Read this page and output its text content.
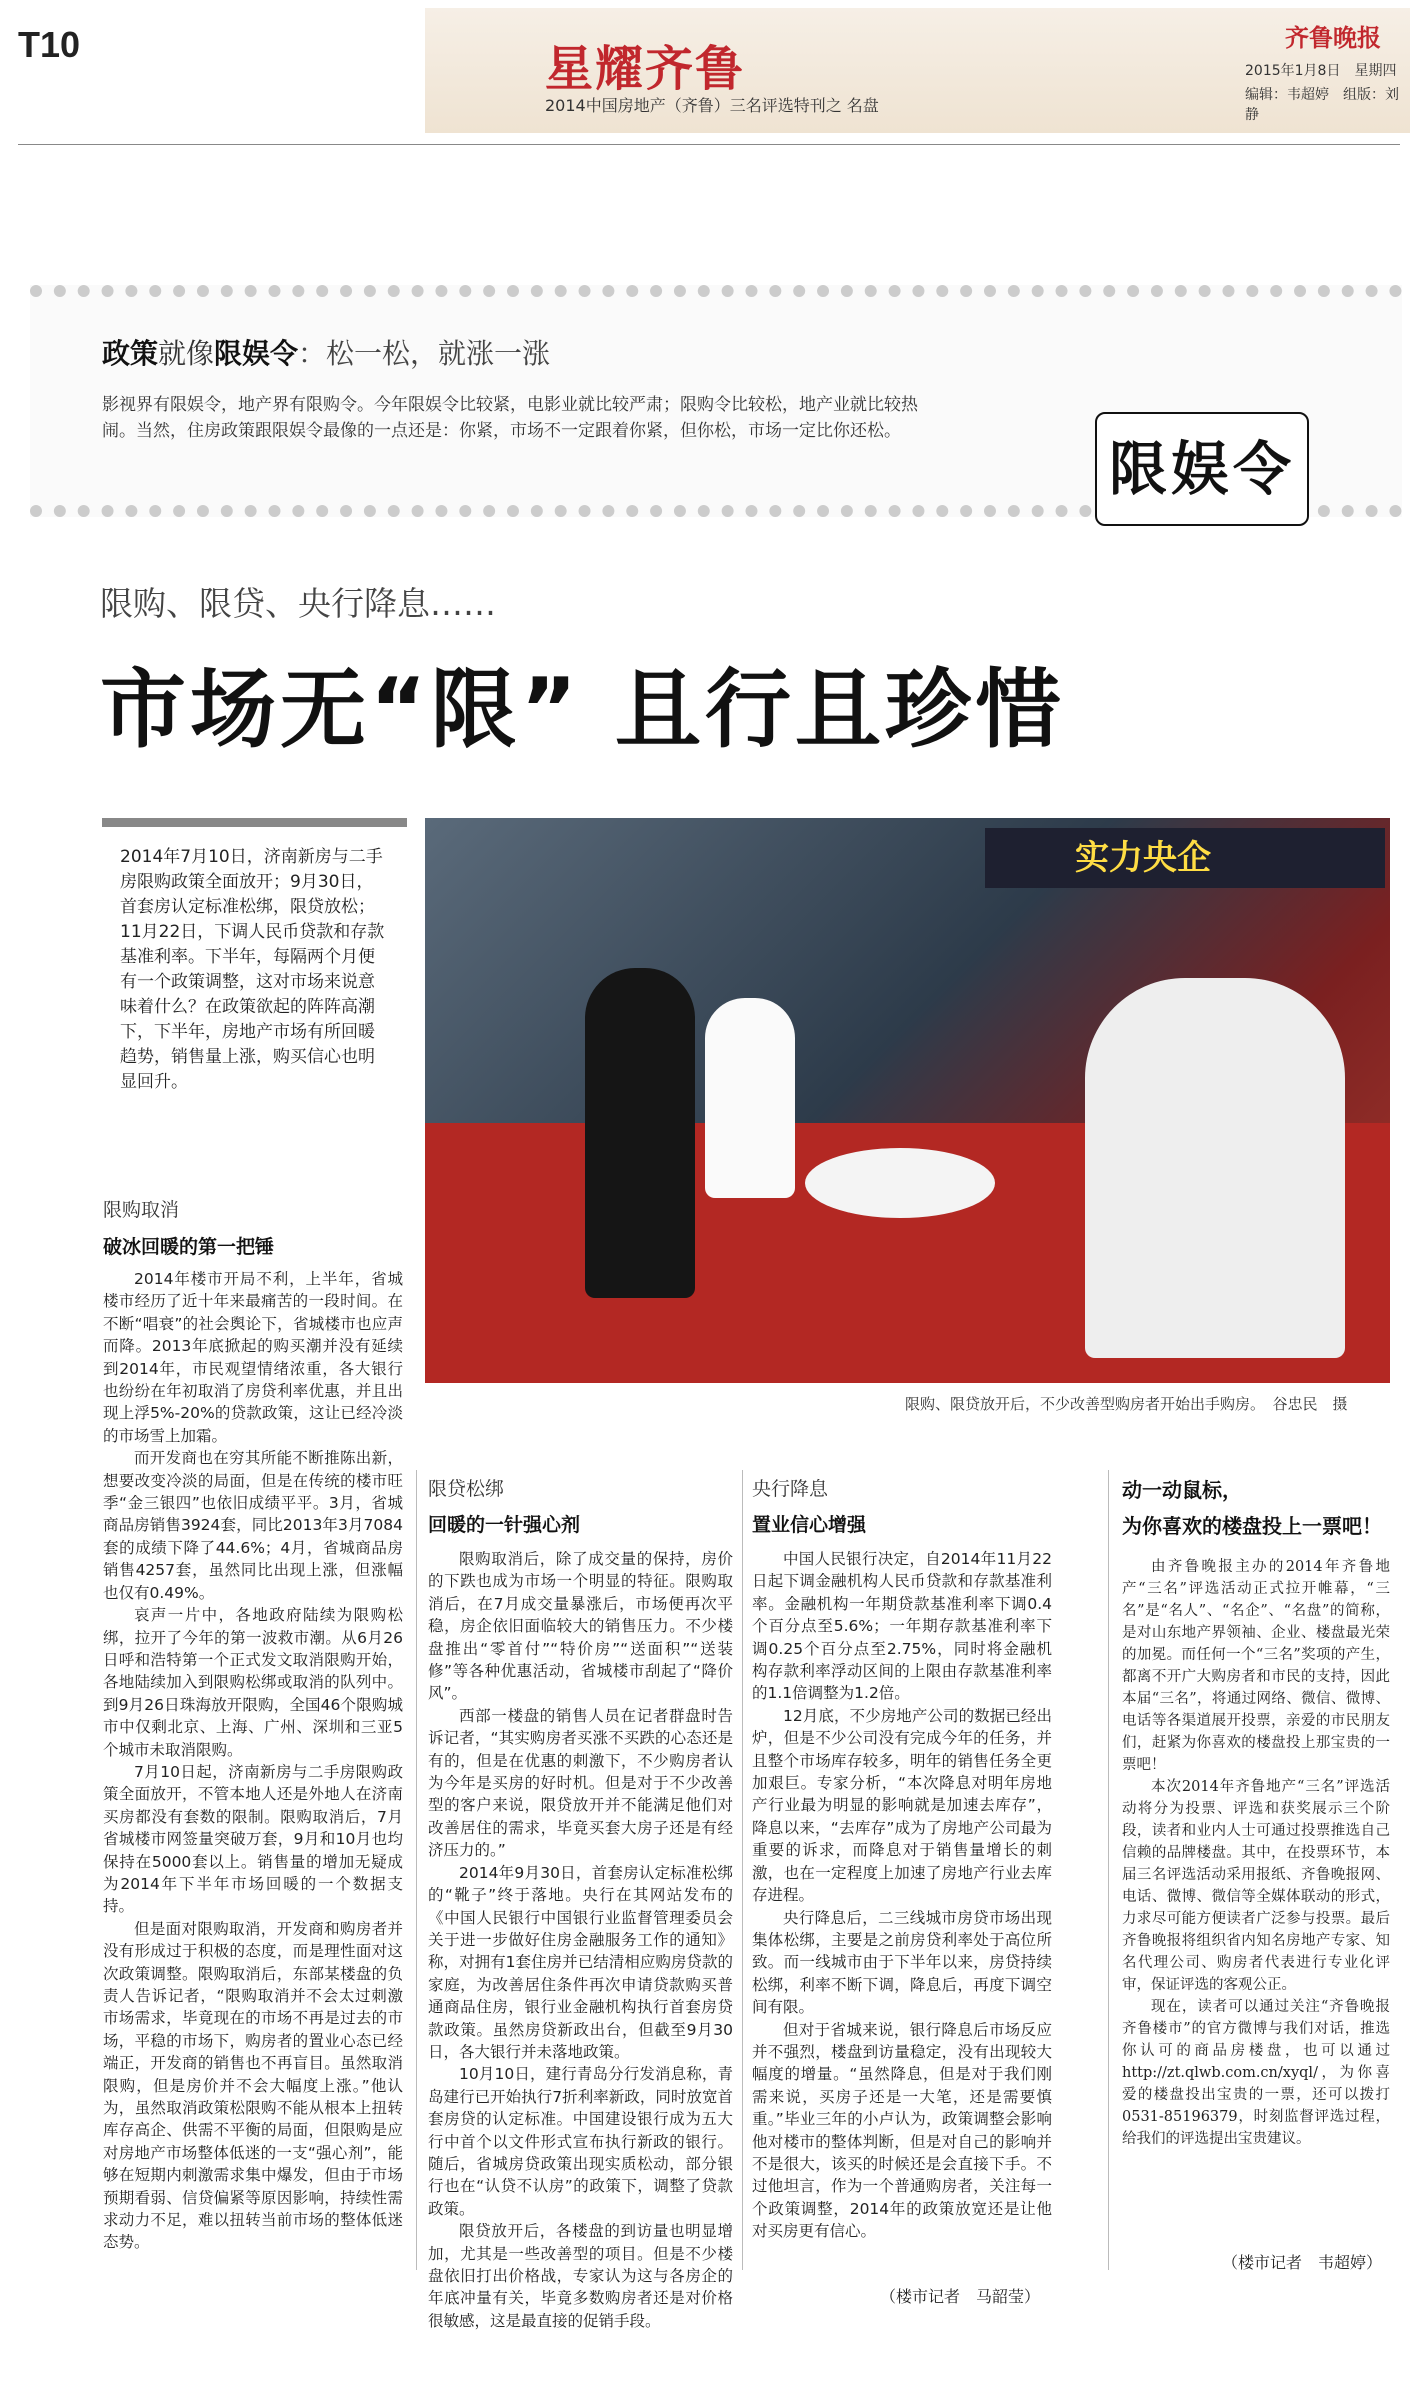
T10	星耀齐鲁
2014中国房地产（齐鲁）三名评选特刊之 名盘
齐鲁晚报
2015年1月8日　星期四
编辑：韦超婷　组版：刘静
政策就像限娱令：松一松，就涨一涨
影视界有限娱令，地产界有限购令。今年限娱令比较紧，电影业就比较严肃；限购令比较松，地产业就比较热闹。当然，住房政策跟限娱令最像的一点还是：你紧，市场不一定跟着你紧，但你松，市场一定比你还松。
限娱令
限购、限贷、央行降息……
市场无“限” 且行且珍惜
2014年7月10日，济南新房与二手房限购政策全面放开；9月30日，首套房认定标准松绑，限贷放松；11月22日，下调人民币贷款和存款基准利率。下半年，每隔两个月便有一个政策调整，这对市场来说意味着什么？在政策欲起的阵阵高潮下，下半年，房地产市场有所回暖趋势，销售量上涨，购买信心也明显回升。
实力央企
限购、限贷放开后，不少改善型购房者开始出手购房。　谷忠民　摄
限购取消
破冰回暖的第一把锤

2014年楼市开局不利，上半年，省城楼市经历了近十年来最痛苦的一段时间。在不断“唱衰”的社会舆论下，省城楼市也应声而降。2013年底掀起的购买潮并没有延续到2014年，市民观望情绪浓重，各大银行也纷纷在年初取消了房贷利率优惠，并且出现上浮5%-20%的贷款政策，这让已经冷淡的市场雪上加霜。

而开发商也在穷其所能不断推陈出新，想要改变冷淡的局面，但是在传统的楼市旺季“金三银四”也依旧成绩平平。3月，省城商品房销售3924套，同比2013年3月7084套的成绩下降了44.6%；4月，省城商品房销售4257套，虽然同比出现上涨，但涨幅也仅有0.49%。

哀声一片中，各地政府陆续为限购松绑，拉开了今年的第一波救市潮。从6月26日呼和浩特第一个正式发文取消限购开始，各地陆续加入到限购松绑或取消的队列中。到9月26日珠海放开限购，全国46个限购城市中仅剩北京、上海、广州、深圳和三亚5个城市未取消限购。

7月10日起，济南新房与二手房限购政策全面放开，不管本地人还是外地人在济南买房都没有套数的限制。限购取消后，7月省城楼市网签量突破万套，9月和10月也均保持在5000套以上。销售量的增加无疑成为2014年下半年市场回暖的一个数据支持。

但是面对限购取消，开发商和购房者并没有形成过于积极的态度，而是理性面对这次政策调整。限购取消后，东部某楼盘的负责人告诉记者，“限购取消并不会太过刺激市场需求，毕竟现在的市场不再是过去的市场，平稳的市场下，购房者的置业心态已经端正，开发商的销售也不再盲目。虽然取消限购，但是房价并不会大幅度上涨。”他认为，虽然取消政策松限购不能从根本上扭转库存高企、供需不平衡的局面，但限购是应对房地产市场整体低迷的一支“强心剂”，能够在短期内刺激需求集中爆发，但由于市场预期看弱、信贷偏紧等原因影响，持续性需求动力不足，难以扭转当前市场的整体低迷态势。

限贷松绑
回暖的一针强心剂

限购取消后，除了成交量的保持，房价的下跌也成为市场一个明显的特征。限购取消后，在7月成交量暴涨后，市场便再次平稳，房企依旧面临较大的销售压力。不少楼盘推出“零首付”“特价房”“送面积”“送装修”等各种优惠活动，省城楼市刮起了“降价风”。

西部一楼盘的销售人员在记者群盘时告诉记者，“其实购房者买涨不买跌的心态还是有的，但是在优惠的刺激下，不少购房者认为今年是买房的好时机。但是对于不少改善型的客户来说，限贷放开并不能满足他们对改善居住的需求，毕竟买套大房子还是有经济压力的。”

2014年9月30日，首套房认定标准松绑的“靴子”终于落地。央行在其网站发布的《中国人民银行中国银行业监督管理委员会关于进一步做好住房金融服务工作的通知》称，对拥有1套住房并已结清相应购房贷款的家庭，为改善居住条件再次申请贷款购买普通商品住房，银行业金融机构执行首套房贷款政策。虽然房贷新政出台，但截至9月30日，各大银行并未落地政策。

10月10日，建行青岛分行发消息称，青岛建行已开始执行7折利率新政，同时放宽首套房贷的认定标准。中国建设银行成为五大行中首个以文件形式宣布执行新政的银行。随后，省城房贷政策出现实质松动，部分银行也在“认贷不认房”的政策下，调整了贷款政策。

限贷放开后，各楼盘的到访量也明显增加，尤其是一些改善型的项目。但是不少楼盘依旧打出价格战，专家认为这与各房企的年底冲量有关，毕竟多数购房者还是对价格很敏感，这是最直接的促销手段。

央行降息
置业信心增强

中国人民银行决定，自2014年11月22日起下调金融机构人民币贷款和存款基准利率。金融机构一年期贷款基准利率下调0.4个百分点至5.6%；一年期存款基准利率下调0.25个百分点至2.75%，同时将金融机构存款利率浮动区间的上限由存款基准利率的1.1倍调整为1.2倍。

12月底，不少房地产公司的数据已经出炉，但是不少公司没有完成今年的任务，并且整个市场库存较多，明年的销售任务全更加艰巨。专家分析，“本次降息对明年房地产行业最为明显的影响就是加速去库存”，降息以来，“去库存”成为了房地产公司最为重要的诉求，而降息对于销售量增长的刺激，也在一定程度上加速了房地产行业去库存进程。

央行降息后，二三线城市房贷市场出现集体松绑，主要是之前房贷利率处于高位所致。而一线城市由于下半年以来，房贷持续松绑，利率不断下调，降息后，再度下调空间有限。

但对于省城来说，银行降息后市场反应并不强烈，楼盘到访量稳定，没有出现较大幅度的增量。“虽然降息，但是对于我们刚需来说，买房子还是一大笔，还是需要慎重。”毕业三年的小卢认为，政策调整会影响他对楼市的整体判断，但是对自己的影响并不是很大，该买的时候还是会直接下手。不过他坦言，作为一个普通购房者，关注每一个政策调整，2014年的政策放宽还是让他对买房更有信心。

（楼市记者　马韶莹）
动一动鼠标，
为你喜欢的楼盘投上一票吧！

由齐鲁晚报主办的2014年齐鲁地产“三名”评选活动正式拉开帷幕，“三名”是“名人”、“名企”、“名盘”的简称，是对山东地产界领袖、企业、楼盘最光荣的加冕。而任何一个“三名”奖项的产生，都离不开广大购房者和市民的支持，因此本届“三名”，将通过网络、微信、微博、电话等各渠道展开投票，亲爱的市民朋友们，赶紧为你喜欢的楼盘投上那宝贵的一票吧！

本次2014年齐鲁地产“三名”评选活动将分为投票、评选和获奖展示三个阶段，读者和业内人士可通过投票推选自己信赖的品牌楼盘。其中，在投票环节，本届三名评选活动采用报纸、齐鲁晚报网、电话、微博、微信等全媒体联动的形式，力求尽可能方便读者广泛参与投票。最后齐鲁晚报将组织省内知名房地产专家、知名代理公司、购房者代表进行专业化评审，保证评选的客观公正。

现在，读者可以通过关注“齐鲁晚报齐鲁楼市”的官方微博与我们对话，推选你认可的商品房楼盘，也可以通过http://zt.qlwb.com.cn/xyql/，为你喜爱的楼盘投出宝贵的一票，还可以拨打0531-85196379，时刻监督评选过程，给我们的评选提出宝贵建议。

（楼市记者　韦超婷）
